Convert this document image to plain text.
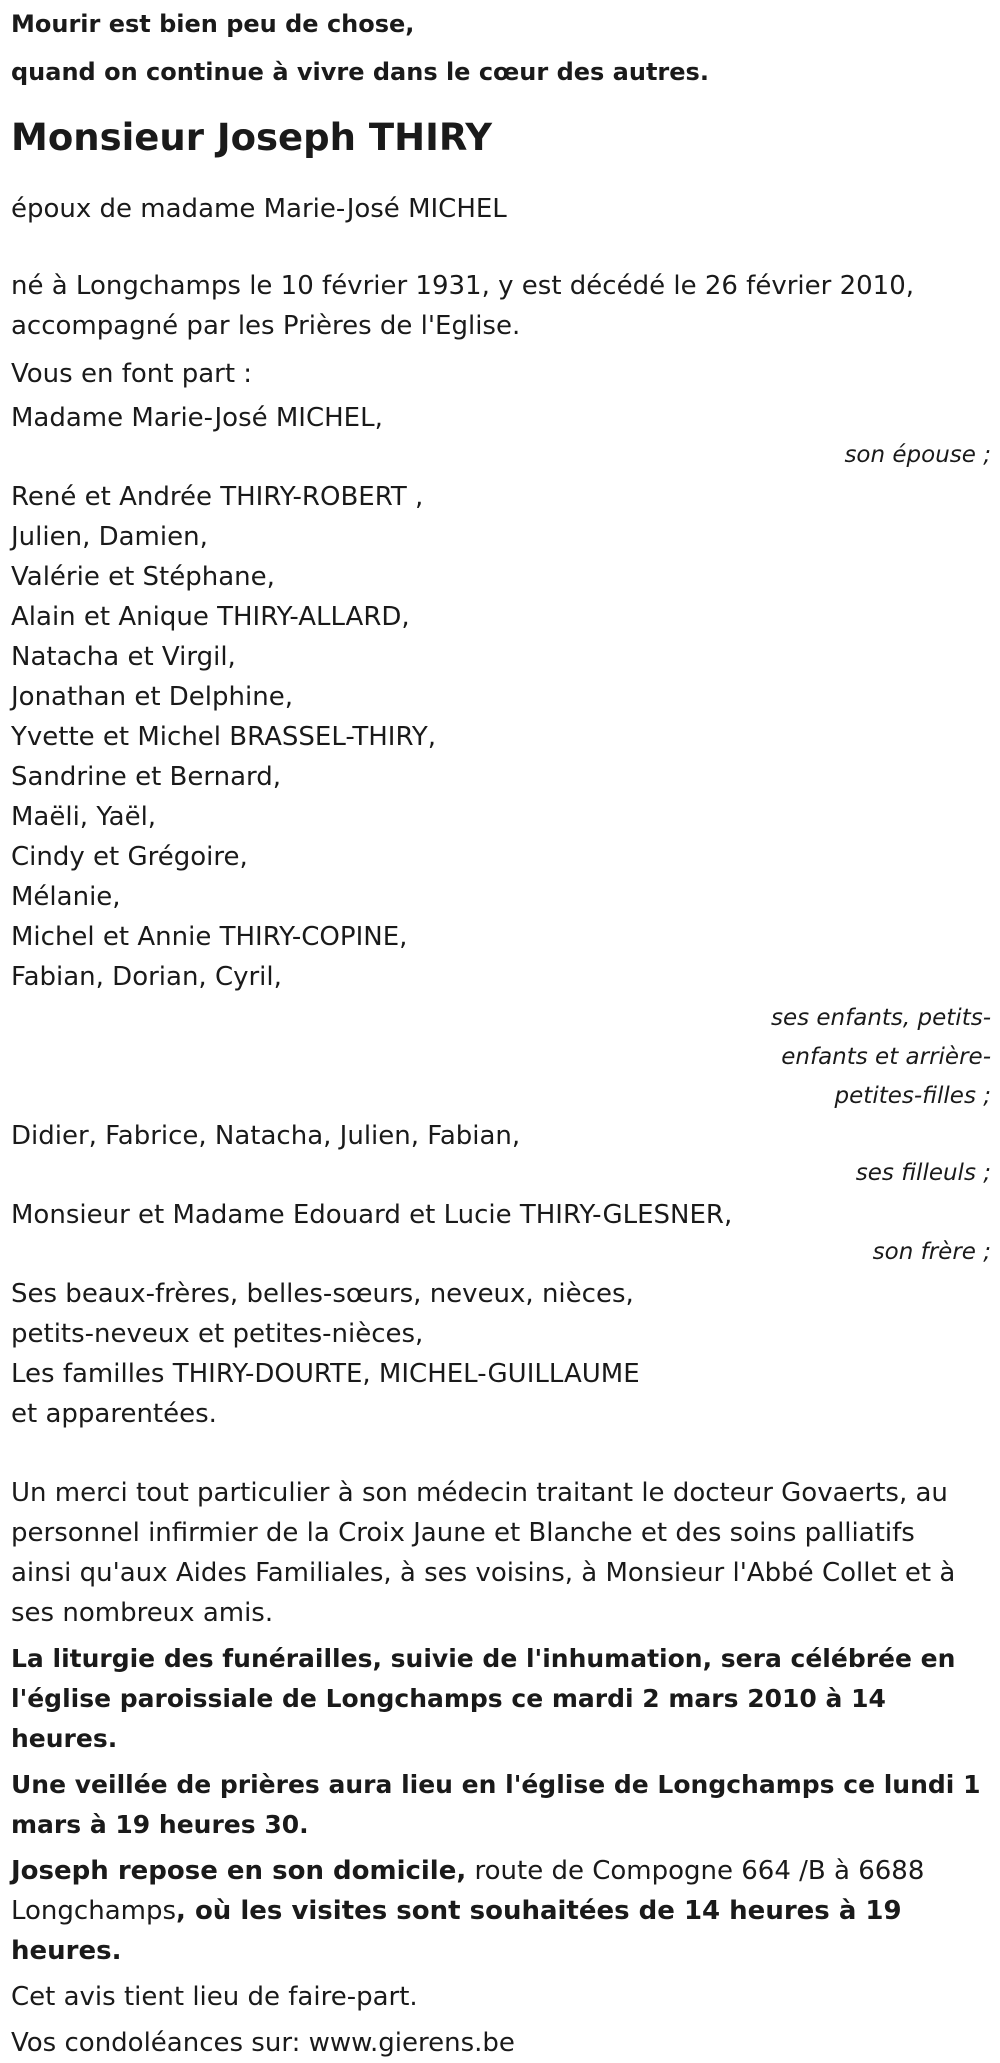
Mourir est bien peu de chose,
quand on continue à vivre dans le cœur des autres.
Monsieur Joseph THIRY
époux de madame Marie-José MICHEL
né à Longchamps le 10 février 1931, y est décédé le 26 février 2010,
accompagné par les Prières de l'Eglise.
Vous en font part :
Madame Marie-José MICHEL,
son épouse ;
René et Andrée THIRY-ROBERT ,
Julien, Damien,
Valérie et Stéphane,
Alain et Anique THIRY-ALLARD,
Natacha et Virgil,
Jonathan et Delphine,
Yvette et Michel BRASSEL-THIRY,
Sandrine et Bernard,
Maëli, Yaël,
Cindy et Grégoire,
Mélanie,
Michel et Annie THIRY-COPINE,
Fabian, Dorian, Cyril,
ses enfants, petits-
enfants et arrière-
petites-filles ;
Didier, Fabrice, Natacha, Julien, Fabian,
ses filleuls ;
Monsieur et Madame Edouard et Lucie THIRY-GLESNER,
son frère ;
Ses beaux-frères, belles-sœurs, neveux, nièces,
petits-neveux et petites-nièces,
Les familles THIRY-DOURTE, MICHEL-GUILLAUME
et apparentées.
Un merci tout particulier à son médecin traitant le docteur Govaerts, au
personnel infirmier de la Croix Jaune et Blanche et des soins palliatifs
ainsi qu'aux Aides Familiales, à ses voisins, à Monsieur l'Abbé Collet et à
ses nombreux amis.
La liturgie des funérailles, suivie de l'inhumation, sera célébrée en
l'église paroissiale de Longchamps ce mardi 2 mars 2010 à 14 heures.
Une veillée de prières aura lieu en l'église de Longchamps ce lundi 1
mars à 19 heures 30.
Joseph repose en son domicile, route de Compogne 664 /B à 6688
Longchamps, où les visites sont souhaitées de 14 heures à 19 heures.
Cet avis tient lieu de faire-part.
Vos condoléances sur: www.gierens.be
